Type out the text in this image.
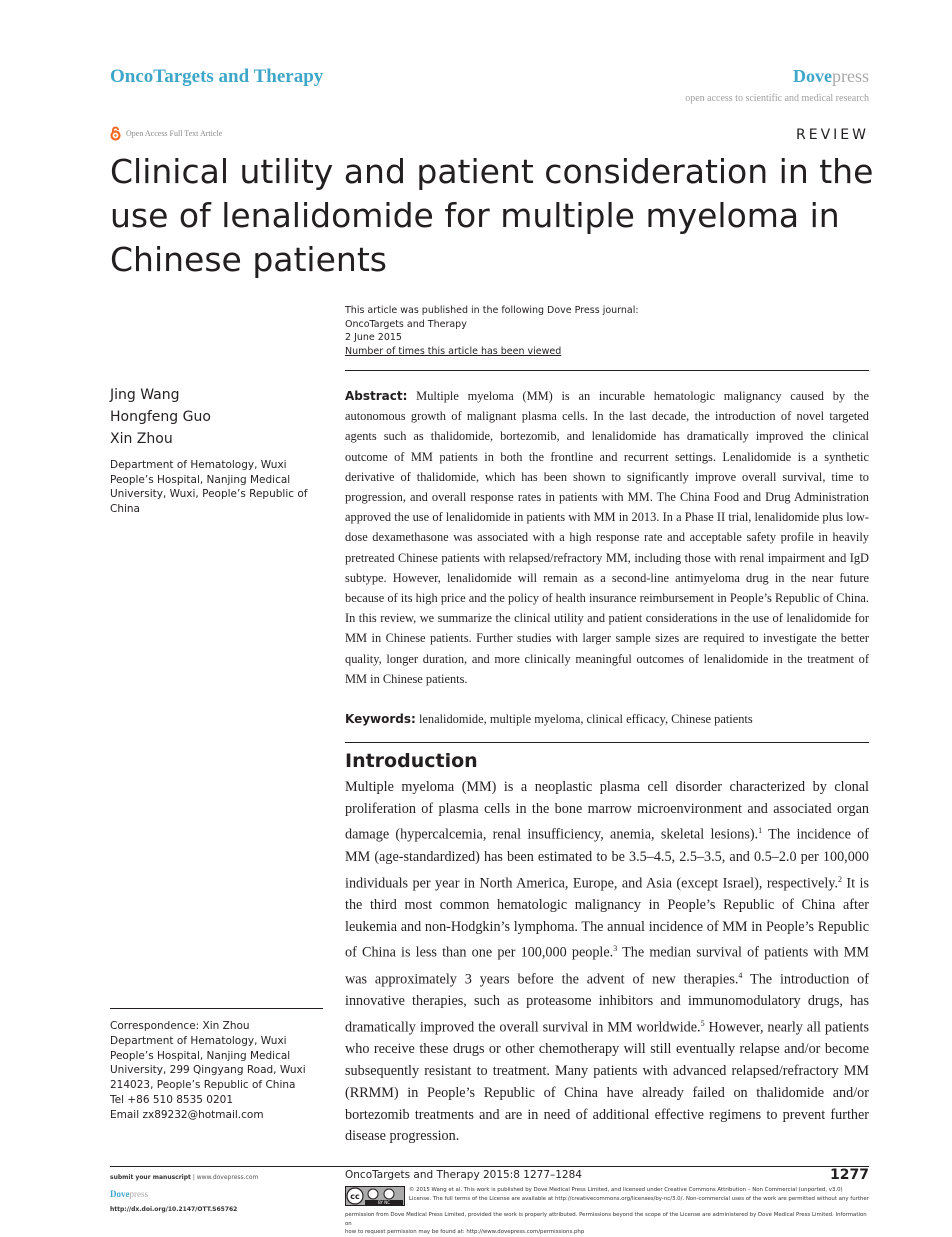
OncoTargets and Therapy	Dovepress
open access to scientific and medical research
Open Access Full Text Article	REVIEW
Clinical utility and patient consideration in the use of lenalidomide for multiple myeloma in Chinese patients
This article was published in the following Dove Press journal:
OncoTargets and Therapy
2 June 2015
Number of times this article has been viewed
Jing Wang
Hongfeng Guo
Xin Zhou
Department of Hematology, Wuxi People’s Hospital, Nanjing Medical University, Wuxi, People’s Republic of China
Abstract: Multiple myeloma (MM) is an incurable hematologic malignancy caused by the autonomous growth of malignant plasma cells. In the last decade, the introduction of novel targeted agents such as thalidomide, bortezomib, and lenalidomide has dramatically improved the clinical outcome of MM patients in both the frontline and recurrent settings. Lenalidomide is a synthetic derivative of thalidomide, which has been shown to significantly improve overall survival, time to progression, and overall response rates in patients with MM. The China Food and Drug Administration approved the use of lenalidomide in patients with MM in 2013. In a Phase II trial, lenalidomide plus low-dose dexamethasone was associated with a high response rate and acceptable safety profile in heavily pretreated Chinese patients with relapsed/refractory MM, including those with renal impairment and IgD subtype. However, lenalidomide will remain as a second-line antimyeloma drug in the near future because of its high price and the policy of health insurance reimbursement in People’s Republic of China. In this review, we summarize the clinical utility and patient considerations in the use of lenalidomide for MM in Chinese patients. Further studies with larger sample sizes are required to investigate the better quality, longer duration, and more clinically meaningful outcomes of lenalidomide in the treatment of MM in Chinese patients.
Keywords: lenalidomide, multiple myeloma, clinical efficacy, Chinese patients
Introduction

Multiple myeloma (MM) is a neoplastic plasma cell disorder characterized by clonal proliferation of plasma cells in the bone marrow microenvironment and associated organ damage (hypercalcemia, renal insufficiency, anemia, skeletal lesions).$^1$ The incidence of MM (age-standardized) has been estimated to be 3.5–4.5, 2.5–3.5, and 0.5–2.0 per 100,000 individuals per year in North America, Europe, and Asia (except Israel), respectively.$^2$ It is the third most common hematologic malignancy in People’s Republic of China after leukemia and non-Hodgkin’s lymphoma. The annual incidence of MM in People’s Republic of China is less than one per 100,000 people.$^3$ The median survival of patients with MM was approximately 3 years before the advent of new therapies.$^4$ The introduction of innovative therapies, such as proteasome inhibitors and immunomodulatory drugs, has dramatically improved the overall survival in MM worldwide.$^5$ However, nearly all patients who receive these drugs or other chemotherapy will still eventually relapse and/or become subsequently resistant to treatment. Many patients with advanced relapsed/refractory MM (RRMM) in People’s Republic of China have already failed on thalidomide and/or bortezomib treatments and are in need of additional effective regimens to prevent further disease progression.

Correspondence: Xin Zhou
Department of Hematology, Wuxi
People’s Hospital, Nanjing Medical
University, 299 Qingyang Road, Wuxi
214023, People’s Republic of China
Tel +86 510 8535 0201
Email zx89232@hotmail.com
submit your manuscript | www.dovepress.com
Dovepress
http://dx.doi.org/10.2147/OTT.S65762
OncoTargets and Therapy 2015:8 1277–1284	1277
cc
BY NC
© 2015 Wang et al. This work is published by Dove Medical Press Limited, and licensed under Creative Commons Attribution – Non Commercial (unported, v3.0)
License. The full terms of the License are available at http://creativecommons.org/licenses/by-nc/3.0/. Non-commercial uses of the work are permitted without any further
permission from Dove Medical Press Limited, provided the work is properly attributed. Permissions beyond the scope of the License are administered by Dove Medical Press Limited. Information on
how to request permission may be found at: http://www.dovepress.com/permissions.php
